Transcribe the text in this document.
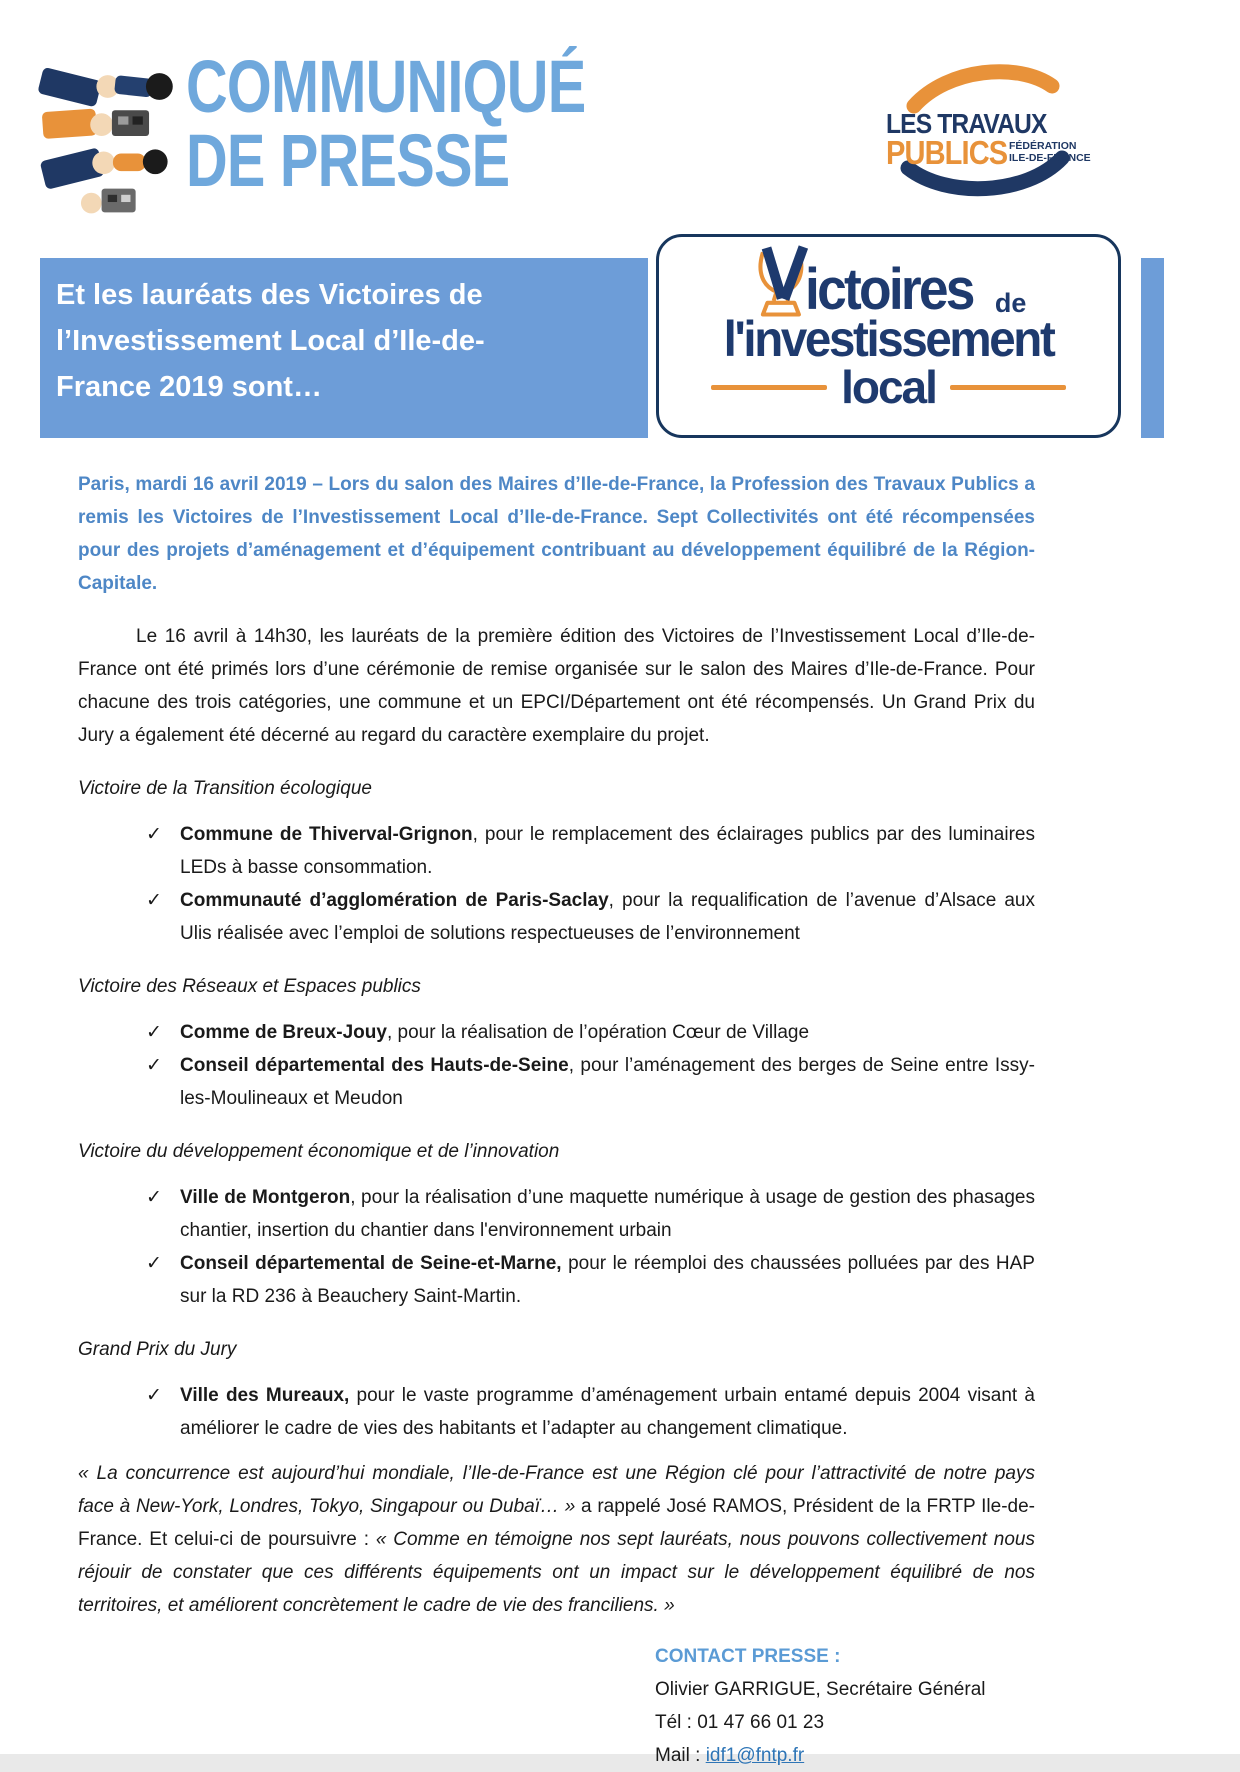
COMMUNIQUÉ
DE PRESSE	LES TRAVAUX
PUBLICS FÉDÉRATION
ILE-DE-FRANCE
Et les lauréats des Victoires de
l’Investissement Local d’Ile-de-
France 2019 sont…
ictoires de
l'investissement
local

Paris, mardi 16 avril 2019 – Lors du salon des Maires d’Ile-de-France, la Profession des Travaux Publics a remis les Victoires de l’Investissement Local d’Ile-de-France. Sept Collectivités ont été récompensées pour des projets d’aménagement et d’équipement contribuant au développement équilibré de la Région-Capitale.

Le 16 avril à 14h30, les lauréats de la première édition des Victoires de l’Investissement Local d’Ile-de-France ont été primés lors d’une cérémonie de remise organisée sur le salon des Maires d’Ile-de-France. Pour chacune des trois catégories, une commune et un EPCI/Département ont été récompensés. Un Grand Prix du Jury a également été décerné au regard du caractère exemplaire du projet.

Victoire de la Transition écologique
✓ Commune de Thiverval-Grignon, pour le remplacement des éclairages publics par des luminaires LEDs à basse consommation.
✓ Communauté d’agglomération de Paris-Saclay, pour la requalification de l’avenue d’Alsace aux Ulis réalisée avec l’emploi de solutions respectueuses de l’environnement
Victoire des Réseaux et Espaces publics
✓ Comme de Breux-Jouy, pour la réalisation de l’opération Cœur de Village
✓ Conseil départemental des Hauts-de-Seine, pour l’aménagement des berges de Seine entre Issy-les-Moulineaux et Meudon
Victoire du développement économique et de l’innovation
✓ Ville de Montgeron, pour la réalisation d’une maquette numérique à usage de gestion des phasages chantier, insertion du chantier dans l'environnement urbain
✓ Conseil départemental de Seine-et-Marne, pour le réemploi des chaussées polluées par des HAP sur la RD 236 à Beauchery Saint-Martin.
Grand Prix du Jury
✓ Ville des Mureaux, pour le vaste programme d’aménagement urbain entamé depuis 2004 visant à améliorer le cadre de vies des habitants et l’adapter au changement climatique.

« La concurrence est aujourd’hui mondiale, l’Ile-de-France est une Région clé pour l’attractivité de notre pays face à New-York, Londres, Tokyo, Singapour ou Dubaï… » a rappelé José RAMOS, Président de la FRTP Ile-de-France. Et celui-ci de poursuivre : « Comme en témoigne nos sept lauréats, nous pouvons collectivement nous réjouir de constater que ces différents équipements ont un impact sur le développement équilibré de nos territoires, et améliorent concrètement le cadre de vie des franciliens. »

CONTACT PRESSE :
Olivier GARRIGUE, Secrétaire Général
Tél : 01 47 66 01 23
Mail : idf1@fntp.fr
